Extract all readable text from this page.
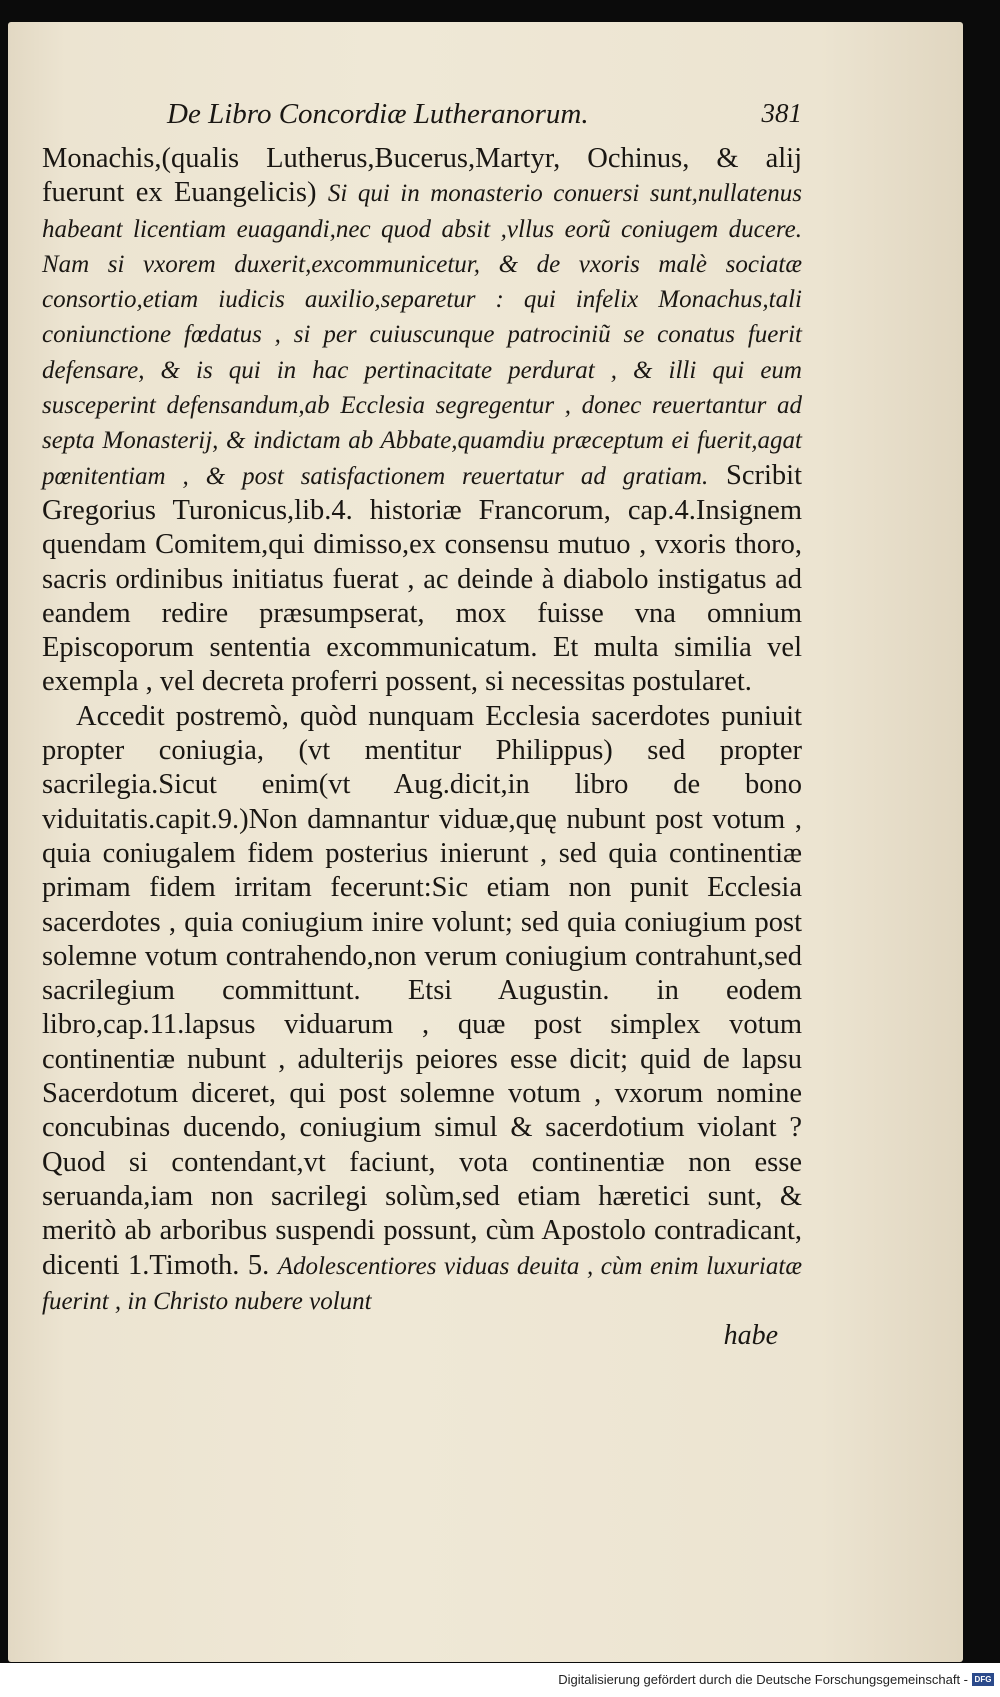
De Libro Concordiæ Lutheranorum.	381

Monachis,(qualis Lutherus,Bucerus,Martyr, Ochinus, & alij fuerunt ex Euangelicis) Si qui in monasterio conuersi sunt,nullatenus habeant licentiam euagandi,nec quod absit ,vllus eorũ coniugem ducere. Nam si vxorem duxerit,excommunicetur, & de vxoris malè sociatæ consortio,etiam iudicis auxilio,separetur : qui infelix Monachus,tali coniunctione fœdatus , si per cuiuscunque patrociniũ se conatus fuerit defensare, & is qui in hac pertinacitate perdurat , & illi qui eum susceperint defensandum,ab Ecclesia segregentur , donec reuertantur ad septa Monasterij, & indictam ab Abbate,quamdiu præceptum ei fuerit,agat pœnitentiam , & post satisfactionem reuertatur ad gratiam. Scribit Gregorius Turonicus,lib.4. historiæ Francorum, cap.4.Insignem quendam Comitem,qui dimisso,ex consensu mutuo , vxoris thoro, sacris ordinibus initiatus fuerat , ac deinde à diabolo instigatus ad eandem redire præsumpserat, mox fuisse vna omnium Episcoporum sententia excommunicatum. Et multa similia vel exempla , vel decreta proferri possent, si necessitas postularet.

Accedit postremò, quòd nunquam Ecclesia sacerdotes puniuit propter coniugia, (vt mentitur Philippus) sed propter sacrilegia.Sicut enim(vt Aug.dicit,in libro de bono viduitatis.capit.9.)Non damnantur viduæ,quę nubunt post votum , quia coniugalem fidem posterius inierunt , sed quia continentiæ primam fidem irritam fecerunt:Sic etiam non punit Ecclesia sacerdotes , quia coniugium inire volunt; sed quia coniugium post solemne votum contrahendo,non verum coniugium contrahunt,sed sacrilegium committunt. Etsi Augustin. in eodem libro,cap.11.lapsus viduarum , quæ post simplex votum continentiæ nubunt , adulterijs peiores esse dicit; quid de lapsu Sacerdotum diceret, qui post solemne votum , vxorum nomine concubinas ducendo, coniugium simul & sacerdotium violant ? Quod si contendant,vt faciunt, vota continentiæ non esse seruanda,iam non sacrilegi solùm,sed etiam hæretici sunt, & meritò ab arboribus suspendi possunt, cùm Apostolo contradicant, dicenti 1.Timoth. 5. Adolescentiores viduas deuita , cùm enim luxuriatæ fuerint , in Christo nubere volunt

habe
Digitalisierung gefördert durch die Deutsche Forschungsgemeinschaft - DFG
